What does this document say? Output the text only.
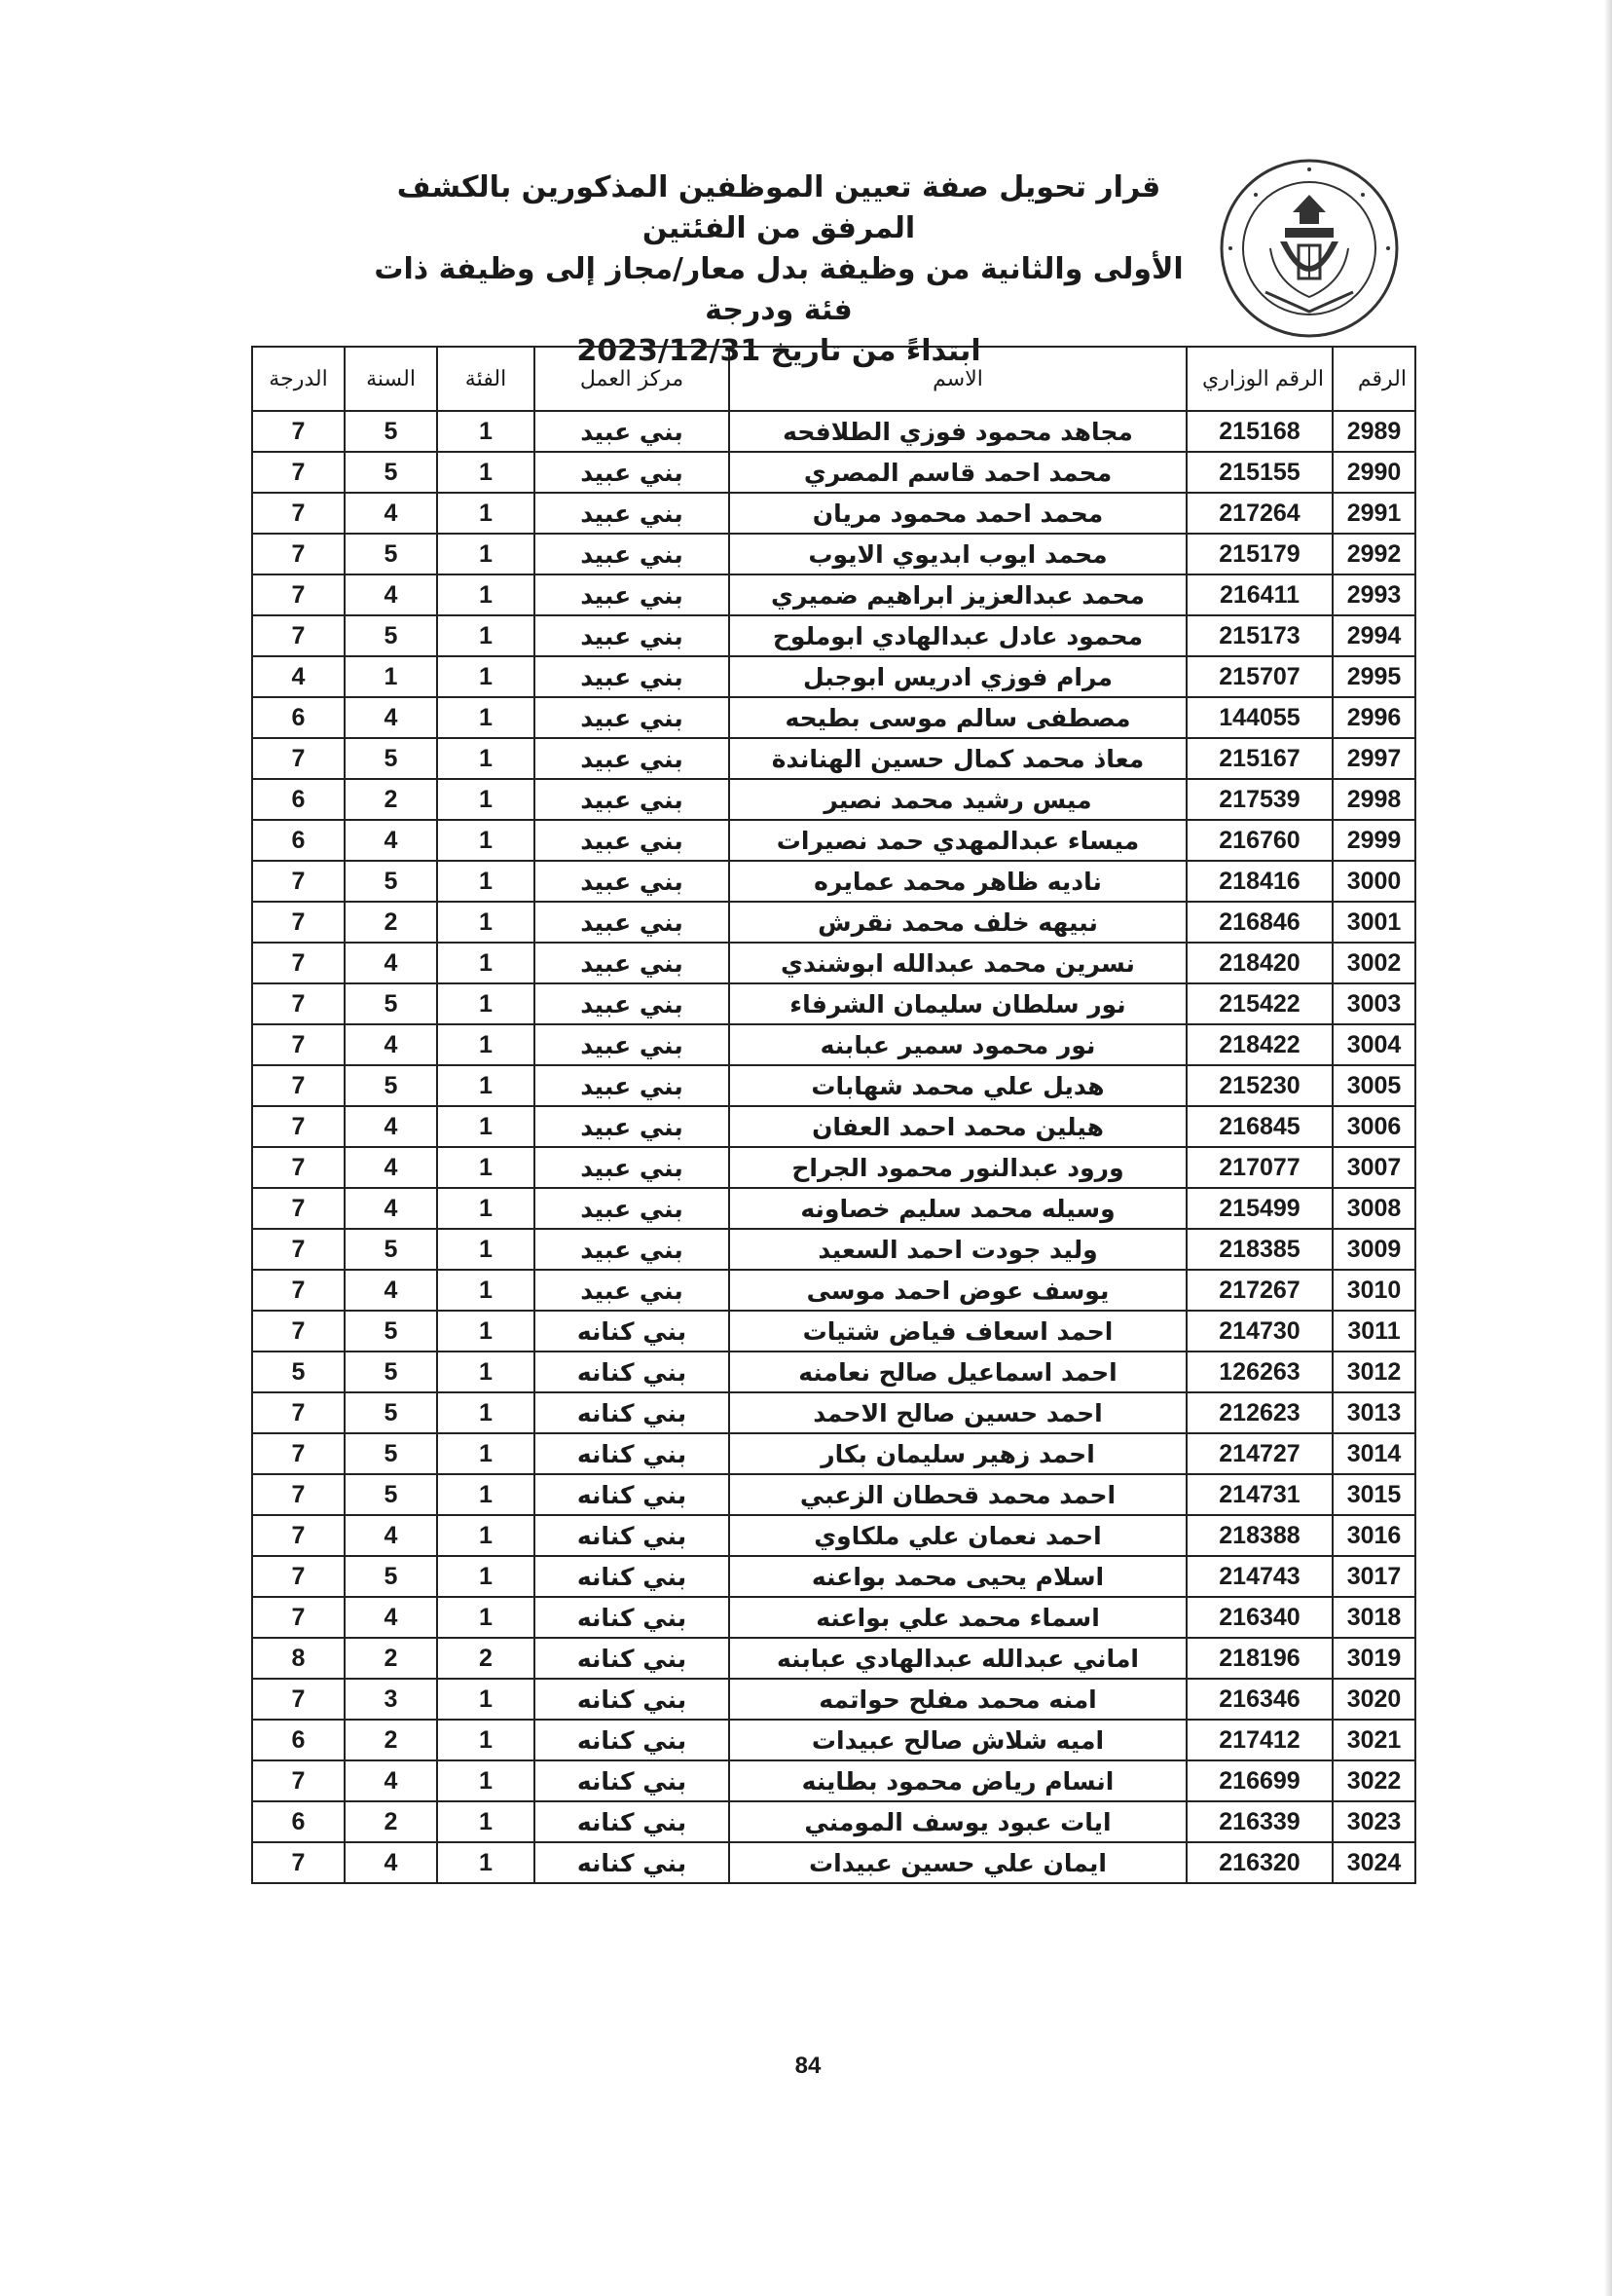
قرار تحويل صفة تعيين الموظفين المذكورين بالكشف المرفق من الفئتين
الأولى والثانية من وظيفة بدل معار/مجاز إلى وظيفة ذات فئة ودرجة
ابتداءً من تاريخ 2023/12/31
الرقم	الرقم الوزاري	الاسم	مركز العمل	الفئة	السنة	الدرجة
2989	215168	مجاهد محمود فوزي الطلافحه	بني عبيد	1	5	7
2990	215155	محمد احمد قاسم المصري	بني عبيد	1	5	7
2991	217264	محمد احمد محمود مريان	بني عبيد	1	4	7
2992	215179	محمد ايوب ابديوي الايوب	بني عبيد	1	5	7
2993	216411	محمد عبدالعزيز ابراهيم ضميري	بني عبيد	1	4	7
2994	215173	محمود عادل عبدالهادي ابوملوح	بني عبيد	1	5	7
2995	215707	مرام فوزي ادريس ابوجبل	بني عبيد	1	1	4
2996	144055	مصطفى سالم موسى بطيحه	بني عبيد	1	4	6
2997	215167	معاذ محمد كمال حسين الهناندة	بني عبيد	1	5	7
2998	217539	ميس رشيد محمد نصير	بني عبيد	1	2	6
2999	216760	ميساء عبدالمهدي حمد نصيرات	بني عبيد	1	4	6
3000	218416	ناديه ظاهر محمد عمايره	بني عبيد	1	5	7
3001	216846	نبيهه خلف محمد نقرش	بني عبيد	1	2	7
3002	218420	نسرين محمد عبدالله ابوشندي	بني عبيد	1	4	7
3003	215422	نور سلطان سليمان الشرفاء	بني عبيد	1	5	7
3004	218422	نور محمود سمير عبابنه	بني عبيد	1	4	7
3005	215230	هديل علي محمد شهابات	بني عبيد	1	5	7
3006	216845	هيلين محمد احمد العفان	بني عبيد	1	4	7
3007	217077	ورود عبدالنور محمود الجراح	بني عبيد	1	4	7
3008	215499	وسيله محمد سليم خصاونه	بني عبيد	1	4	7
3009	218385	وليد جودت احمد السعيد	بني عبيد	1	5	7
3010	217267	يوسف عوض احمد موسى	بني عبيد	1	4	7
3011	214730	احمد اسعاف فياض شتيات	بني كنانه	1	5	7
3012	126263	احمد اسماعيل صالح نعامنه	بني كنانه	1	5	5
3013	212623	احمد حسين صالح الاحمد	بني كنانه	1	5	7
3014	214727	احمد زهير سليمان بكار	بني كنانه	1	5	7
3015	214731	احمد محمد قحطان الزعبي	بني كنانه	1	5	7
3016	218388	احمد نعمان علي ملكاوي	بني كنانه	1	4	7
3017	214743	اسلام يحيى محمد بواعنه	بني كنانه	1	5	7
3018	216340	اسماء محمد علي بواعنه	بني كنانه	1	4	7
3019	218196	اماني عبدالله عبدالهادي عبابنه	بني كنانه	2	2	8
3020	216346	امنه محمد مفلح حواتمه	بني كنانه	1	3	7
3021	217412	اميه شلاش صالح عبيدات	بني كنانه	1	2	6
3022	216699	انسام رياض محمود بطاينه	بني كنانه	1	4	7
3023	216339	ايات عبود يوسف المومني	بني كنانه	1	2	6
3024	216320	ايمان علي حسين عبيدات	بني كنانه	1	4	7
84
